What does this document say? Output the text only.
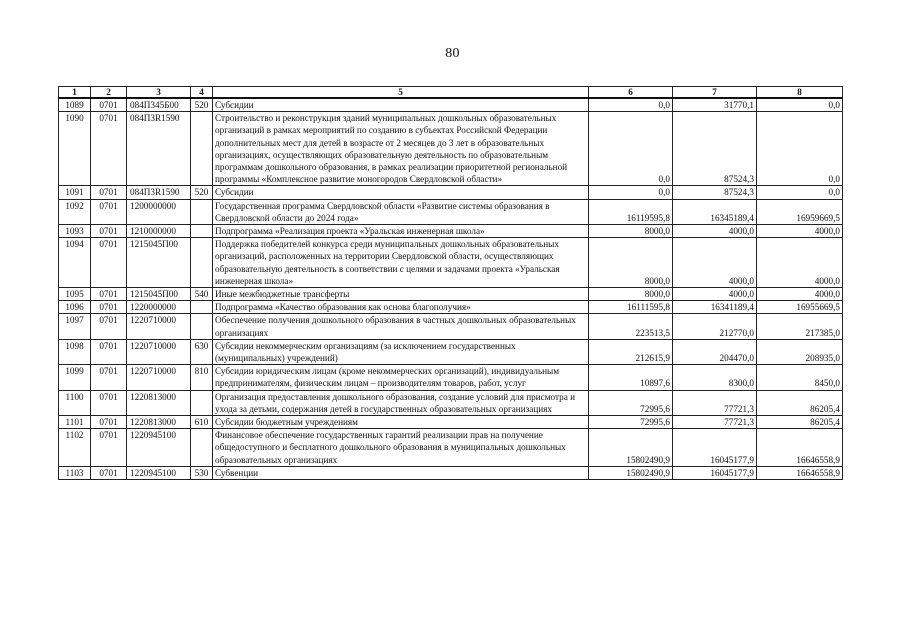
80
1	2	3	4	5	6	7	8
1089	0701	084П345Б00	520	Субсидии	0,0	31770,1	0,0
1090	0701	084П3R1590		Строительство и реконструкция зданий муниципальных дошкольных образовательных организаций в рамках мероприятий по созданию в субъектах Российской Федерации дополнительных мест для детей в возрасте от 2 месяцев до 3 лет в образовательных организациях, осуществляющих образовательную деятельность по образовательным программам дошкольного образования, в рамках реализации приоритетной региональной программы «Комплексное развитие моногородов Свердловской области»	0,0	87524,3	0,0
1091	0701	084П3R1590	520	Субсидии	0,0	87524,3	0,0
1092	0701	1200000000		Государственная программа Свердловской области «Развитие системы образования в Свердловской области до 2024 года»	16119595,8	16345189,4	16959669,5
1093	0701	1210000000		Подпрограмма «Реализация проекта «Уральская инженерная школа»	8000,0	4000,0	4000,0
1094	0701	1215045П00		Поддержка победителей конкурса среди муниципальных дошкольных образовательных организаций, расположенных на территории Свердловской области, осуществляющих образовательную деятельность в соответствии с целями и задачами проекта «Уральская инженерная школа»	8000,0	4000,0	4000,0
1095	0701	1215045П00	540	Иные межбюджетные трансферты	8000,0	4000,0	4000,0
1096	0701	1220000000		Подпрограмма «Качество образования как основа благополучия»	16111595,8	16341189,4	16955669,5
1097	0701	1220710000		Обеспечение получения дошкольного образования в частных дошкольных образовательных организациях	223513,5	212770,0	217385,0
1098	0701	1220710000	630	Субсидии некоммерческим организациям (за исключением государственных (муниципальных) учреждений)	212615,9	204470,0	208935,0
1099	0701	1220710000	810	Субсидии юридическим лицам (кроме некоммерческих организаций), индивидуальным предпринимателям, физическим лицам – производителям товаров, работ, услуг	10897,6	8300,0	8450,0
1100	0701	1220813000		Организация предоставления дошкольного образования, создание условий для присмотра и ухода за детьми, содержания детей в государственных образовательных организациях	72995,6	77721,3	86205,4
1101	0701	1220813000	610	Субсидии бюджетным учреждениям	72995,6	77721,3	86205,4
1102	0701	1220945100		Финансовое обеспечение государственных гарантий реализации прав на получение общедоступного и бесплатного дошкольного образования в муниципальных дошкольных образовательных организациях	15802490,9	16045177,9	16646558,9
1103	0701	1220945100	530	Субвенции	15802490,9	16045177,9	16646558,9
